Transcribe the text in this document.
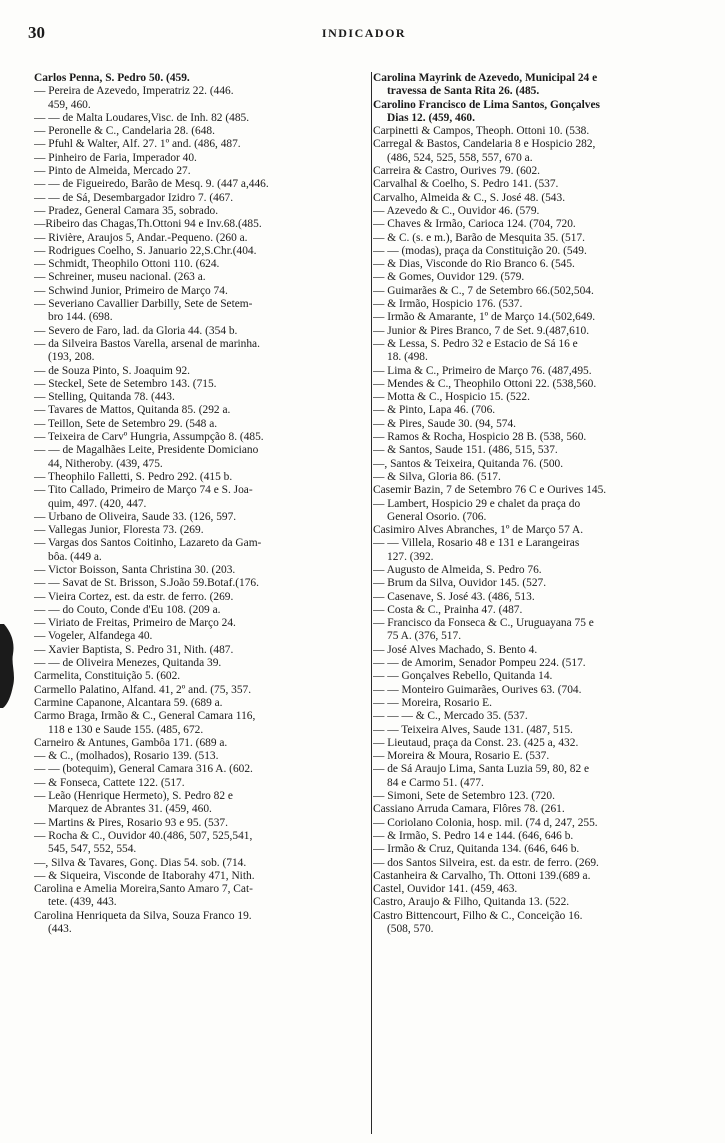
30	INDICADOR

Carlos Penna, S. Pedro 50. (459.

— Pereira de Azevedo, Imperatriz 22. (446.
459, 460.

— — de Malta Loudares,Visc. de Inh. 82 (485.

— Peronelle & C., Candelaria 28. (648.

— Pfuhl & Walter, Alf. 27. 1º and. (486, 487.

— Pinheiro de Faria, Imperador 40.

— Pinto de Almeida, Mercado 27.

— — de Figueiredo, Barão de Mesq. 9. (447 a,446.

— — de Sá, Desembargador Izidro 7. (467.

— Pradez, General Camara 35, sobrado.

—Ribeiro das Chagas,Th.Ottoni 94 e Inv.68.(485.

— Rivière, Araujos 5, Andar.-Pequeno. (260 a.

— Rodrigues Coelho, S. Januario 22,S.Chr.(404.

— Schmidt, Theophilo Ottoni 110. (624.

— Schreiner, museu nacional. (263 a.

— Schwind Junior, Primeiro de Março 74.

— Severiano Cavallier Darbilly, Sete de Setem-
bro 144. (698.

— Severo de Faro, lad. da Gloria 44. (354 b.

— da Silveira Bastos Varella, arsenal de marinha.
(193, 208.

— de Souza Pinto, S. Joaquim 92.

— Steckel, Sete de Setembro 143. (715.

— Stelling, Quitanda 78. (443.

— Tavares de Mattos, Quitanda 85. (292 a.

— Teillon, Sete de Setembro 29. (548 a.

— Teixeira de Carvº Hungria, Assumpção 8. (485.

— — de Magalhães Leite, Presidente Domiciano
44, Nitheroby. (439, 475.

— Theophilo Falletti, S. Pedro 292. (415 b.

— Tito Callado, Primeiro de Março 74 e S. Joa-
quim, 497. (420, 447.

— Urbano de Oliveira, Saude 33. (126, 597.

— Vallegas Junior, Floresta 73. (269.

— Vargas dos Santos Coitinho, Lazareto da Gam-
bôa. (449 a.

— Victor Boisson, Santa Christina 30. (203.

— — Savat de St. Brisson, S.João 59.Botaf.(176.

— Vieira Cortez, est. da estr. de ferro. (269.

— — do Couto, Conde d'Eu 108. (209 a.

— Viriato de Freitas, Primeiro de Março 24.

— Vogeler, Alfandega 40.

— Xavier Baptista, S. Pedro 31, Nith. (487.

— — de Oliveira Menezes, Quitanda 39.

Carmelita, Constituição 5. (602.

Carmello Palatino, Alfand. 41, 2º and. (75, 357.

Carmine Capanone, Alcantara 59. (689 a.

Carmo Braga, Irmão & C., General Camara 116,
118 e 130 e Saude 155. (485, 672.

Carneiro & Antunes, Gambôa 171. (689 a.

— & C., (molhados), Rosario 139. (513.

— — (botequim), General Camara 316 A. (602.

— & Fonseca, Cattete 122. (517.

— Leão (Henrique Hermeto), S. Pedro 82 e
Marquez de Abrantes 31. (459, 460.

— Martins & Pires, Rosario 93 e 95. (537.

— Rocha & C., Ouvidor 40.(486, 507, 525,541,
545, 547, 552, 554.

—, Silva & Tavares, Gonç. Dias 54. sob. (714.

— & Siqueira, Visconde de Itaborahy 471, Nith.

Carolina e Amelia Moreira,Santo Amaro 7, Cat-
tete. (439, 443.

Carolina Henriqueta da Silva, Souza Franco 19.
(443.

Carolina Mayrink de Azevedo, Municipal 24 e
travessa de Santa Rita 26. (485.

Carolino Francisco de Lima Santos, Gonçalves
Dias 12. (459, 460.

Carpinetti & Campos, Theoph. Ottoni 10. (538.

Carregal & Bastos, Candelaria 8 e Hospicio 282,
(486, 524, 525, 558, 557, 670 a.

Carreira & Castro, Ourives 79. (602.

Carvalhal & Coelho, S. Pedro 141. (537.

Carvalho, Almeida & C., S. José 48. (543.

— Azevedo & C., Ouvidor 46. (579.

— Chaves & Irmão, Carioca 124. (704, 720.

— & C. (s. e m.), Barão de Mesquita 35. (517.

— — (modas), praça da Constituição 20. (549.

— & Dias, Visconde do Rio Branco 6. (545.

— & Gomes, Ouvidor 129. (579.

— Guimarães & C., 7 de Setembro 66.(502,504.

— & Irmão, Hospicio 176. (537.

— Irmão & Amarante, 1º de Março 14.(502,649.

— Junior & Pires Branco, 7 de Set. 9.(487,610.

— & Lessa, S. Pedro 32 e Estacio de Sá 16 e
18. (498.

— Lima & C., Primeiro de Março 76. (487,495.

— Mendes & C., Theophilo Ottoni 22. (538,560.

— Motta & C., Hospicio 15. (522.

— & Pinto, Lapa 46. (706.

— & Pires, Saude 30. (94, 574.

— Ramos & Rocha, Hospicio 28 B. (538, 560.

— & Santos, Saude 151. (486, 515, 537.

—, Santos & Teixeira, Quitanda 76. (500.

— & Silva, Gloria 86. (517.

Casemir Bazin, 7 de Setembro 76 C e Ourives 145.

— Lambert, Hospicio 29 e chalet da praça do
General Osorio. (706.

Casimiro Alves Abranches, 1º de Março 57 A.

— — Villela, Rosario 48 e 131 e Larangeiras
127. (392.

— Augusto de Almeida, S. Pedro 76.

— Brum da Silva, Ouvidor 145. (527.

— Casenave, S. José 43. (486, 513.

— Costa & C., Prainha 47. (487.

— Francisco da Fonseca & C., Uruguayana 75 e
75 A. (376, 517.

— José Alves Machado, S. Bento 4.

— — de Amorim, Senador Pompeu 224. (517.

— — Gonçalves Rebello, Quitanda 14.

— — Monteiro Guimarães, Ourives 63. (704.

— — Moreira, Rosario E.

— — — & C., Mercado 35. (537.

— — Teixeira Alves, Saude 131. (487, 515.

— Lieutaud, praça da Const. 23. (425 a, 432.

— Moreira & Moura, Rosario E. (537.

— de Sá Araujo Lima, Santa Luzia 59, 80, 82 e
84 e Carmo 51. (477.

— Simoni, Sete de Setembro 123. (720.

Cassiano Arruda Camara, Flôres 78. (261.

— Coriolano Colonia, hosp. mil. (74 d, 247, 255.

— & Irmão, S. Pedro 14 e 144. (646, 646 b.

— Irmão & Cruz, Quitanda 134. (646, 646 b.

— dos Santos Silveira, est. da estr. de ferro. (269.

Castanheira & Carvalho, Th. Ottoni 139.(689 a.

Castel, Ouvidor 141. (459, 463.

Castro, Araujo & Filho, Quitanda 13. (522.

Castro Bittencourt, Filho & C., Conceição 16.
(508, 570.
